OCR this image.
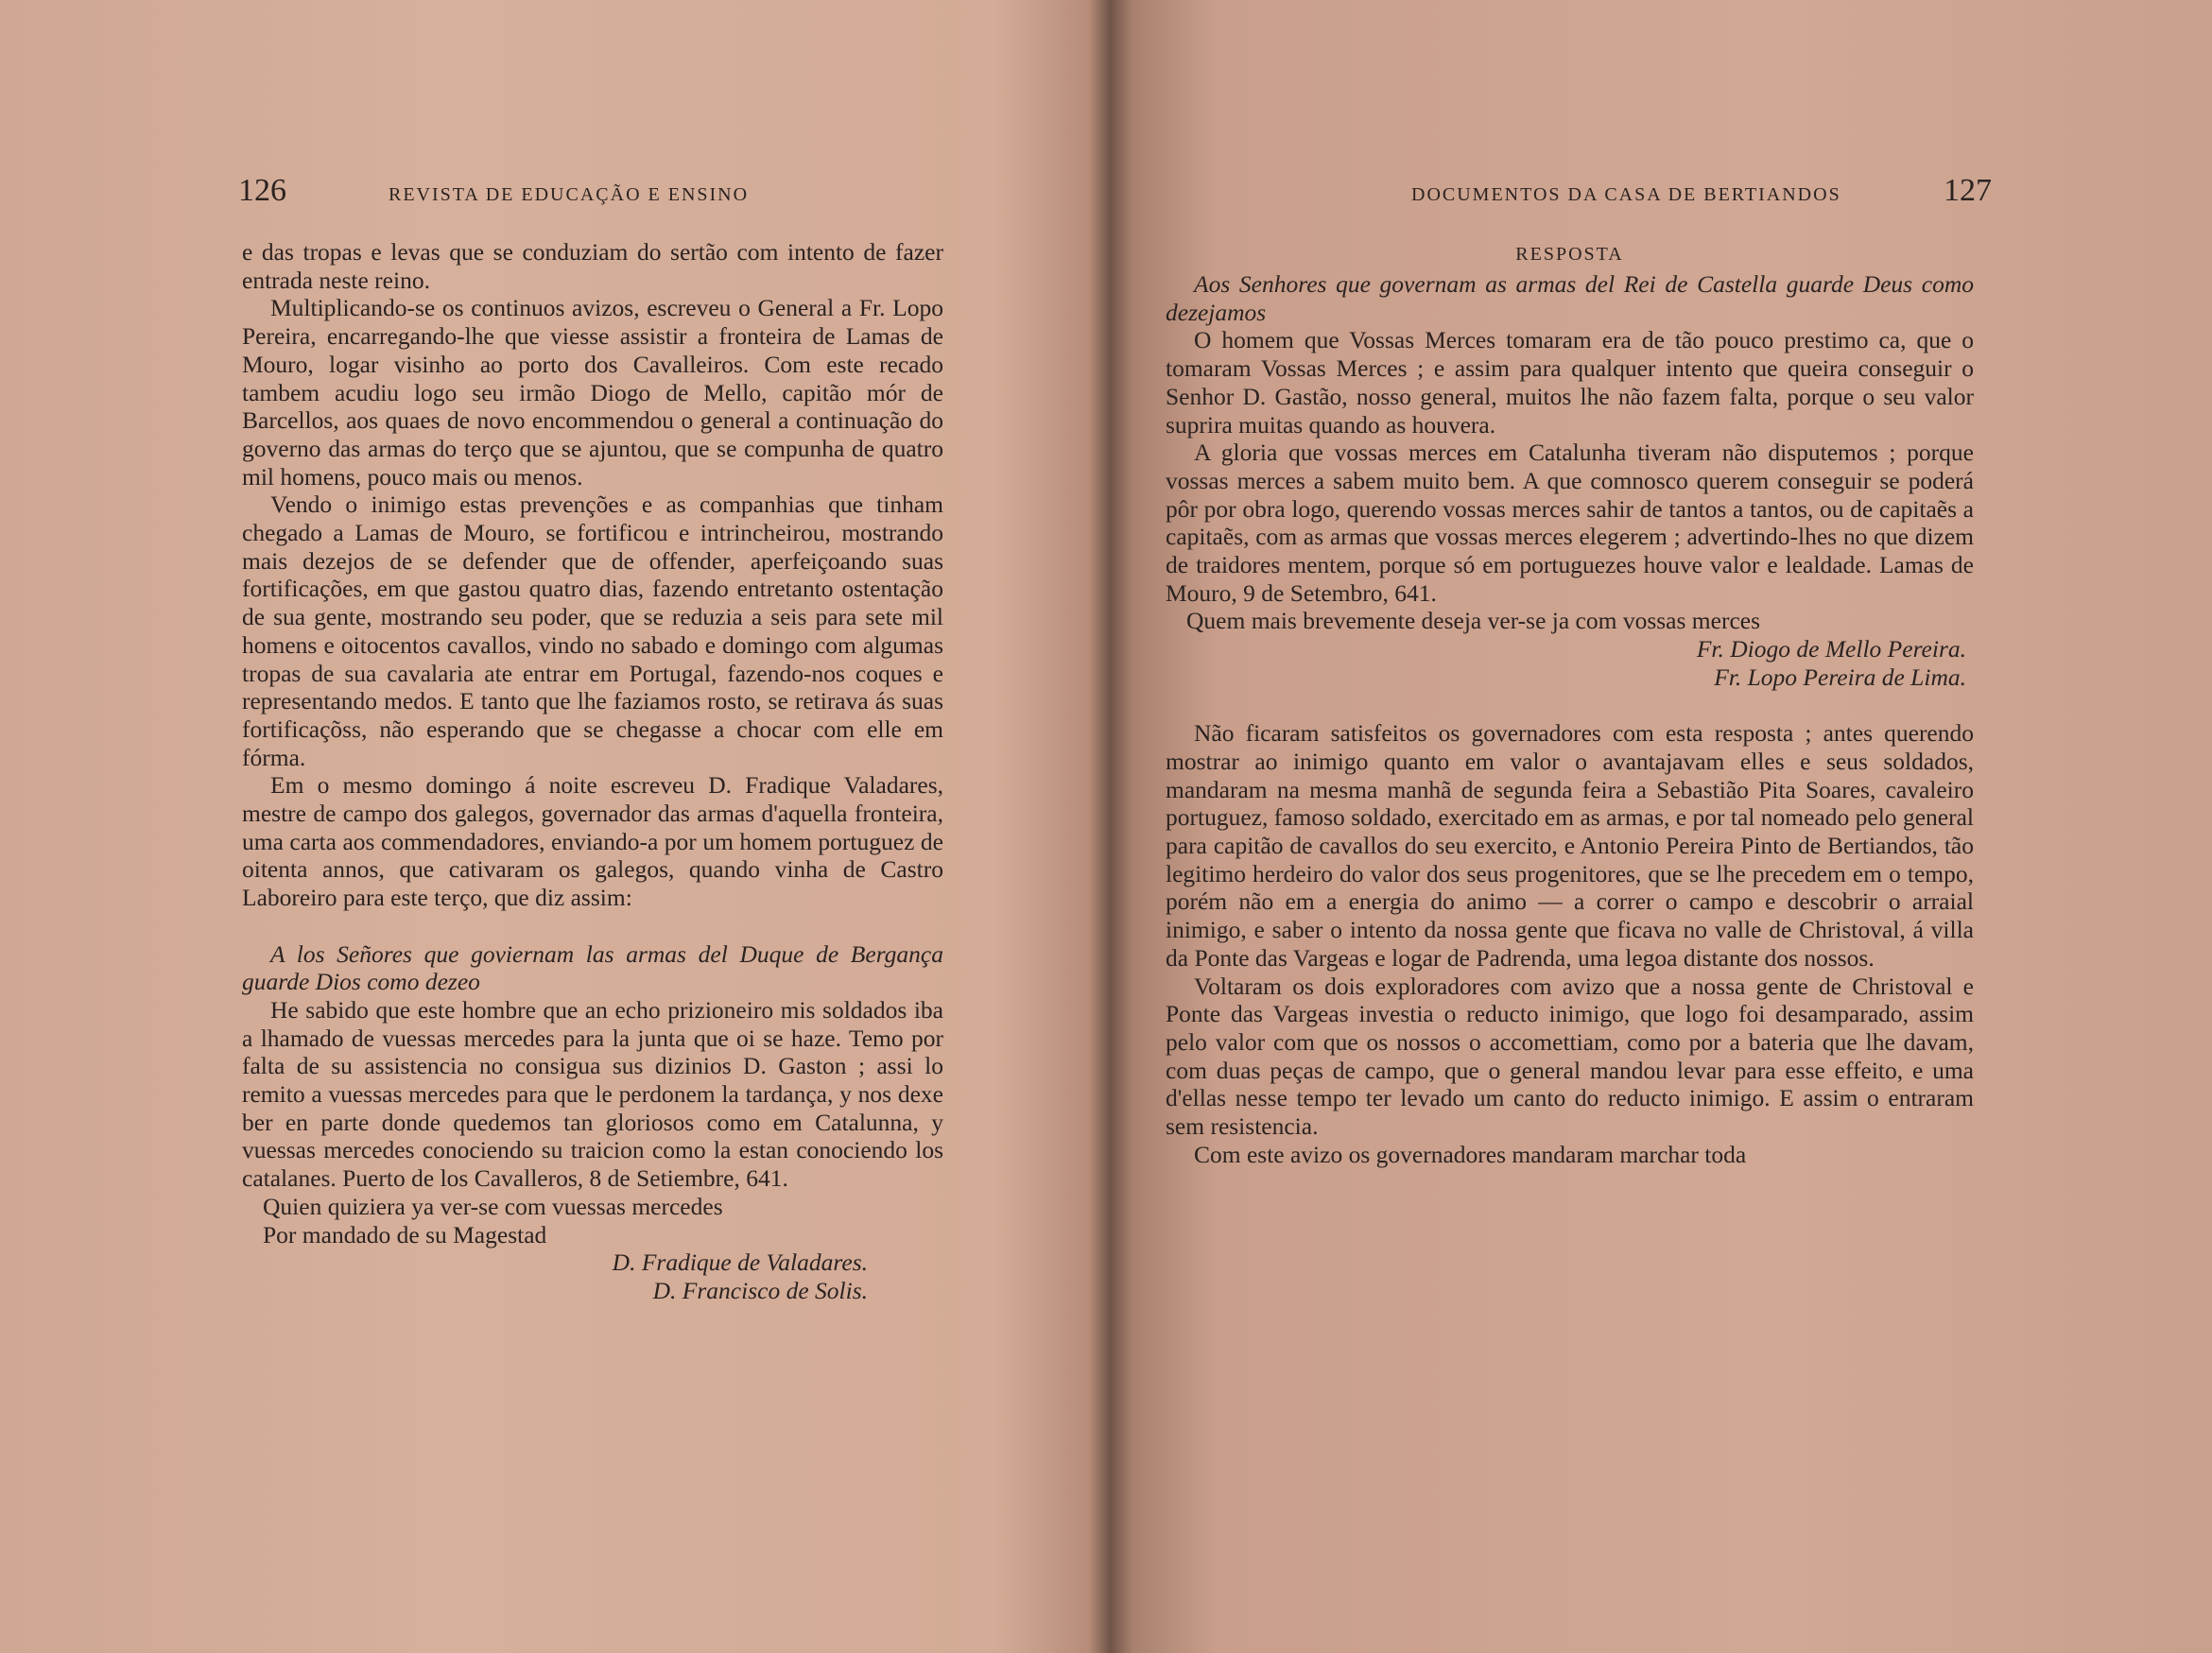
126	REVISTA DE EDUCAÇÃO E ENSINO

e das tropas e levas que se conduziam do sertão com intento de fazer entrada neste reino.

Multiplicando-se os continuos avizos, escreveu o General a Fr. Lopo Pereira, encarregando-lhe que viesse assistir a fronteira de Lamas de Mouro, logar visinho ao porto dos Cavalleiros. Com este recado tambem acudiu logo seu irmão Diogo de Mello, capitão mór de Barcellos, aos quaes de novo encommendou o general a continuação do governo das armas do terço que se ajuntou, que se compunha de quatro mil homens, pouco mais ou menos.

Vendo o inimigo estas prevenções e as companhias que tinham chegado a Lamas de Mouro, se fortificou e intrincheirou, mostrando mais dezejos de se defender que de offender, aperfeiçoando suas fortificações, em que gastou quatro dias, fazendo entretanto ostentação de sua gente, mostrando seu poder, que se reduzia a seis para sete mil homens e oitocentos cavallos, vindo no sabado e domingo com algumas tropas de sua cavalaria ate entrar em Portugal, fazendo-nos coques e representando medos. E tanto que lhe faziamos rosto, se retirava ás suas fortificaçõss, não esperando que se chegasse a chocar com elle em fórma.

Em o mesmo domingo á noite escreveu D. Fradique Valadares, mestre de campo dos galegos, governador das armas d'aquella fronteira, uma carta aos commendadores, enviando-a por um homem portuguez de oitenta annos, que cativaram os galegos, quando vinha de Castro Laboreiro para este terço, que diz assim:

A los Señores que goviernam las armas del Duque de Bergança guarde Dios como dezeo

He sabido que este hombre que an echo prizioneiro mis soldados iba a lhamado de vuessas mercedes para la junta que oi se haze. Temo por falta de su assistencia no consigua sus dizinios D. Gaston ; assi lo remito a vuessas mercedes para que le perdonem la tardança, y nos dexe ber en parte donde quedemos tan gloriosos como em Catalunna, y vuessas mercedes conociendo su traicion como la estan conociendo los catalanes. Puerto de los Cavalleros, 8 de Setiembre, 641.

Quien quiziera ya ver-se com vuessas mercedes

Por mandado de su Magestad

D. Fradique de Valadares.

D. Francisco de Solis.

DOCUMENTOS DA CASA DE BERTIANDOS	127

RESPOSTA

Aos Senhores que governam as armas del Rei de Castella guarde Deus como dezejamos

O homem que Vossas Merces tomaram era de tão pouco prestimo ca, que o tomaram Vossas Merces ; e assim para qualquer intento que queira conseguir o Senhor D. Gastão, nosso general, muitos lhe não fazem falta, porque o seu valor suprira muitas quando as houvera.

A gloria que vossas merces em Catalunha tiveram não disputemos ; porque vossas merces a sabem muito bem. A que comnosco querem conseguir se poderá pôr por obra logo, querendo vossas merces sahir de tantos a tantos, ou de capitaẽs a capitaẽs, com as armas que vossas merces elegerem ; advertindo-lhes no que dizem de traidores mentem, porque só em portuguezes houve valor e lealdade. Lamas de Mouro, 9 de Setembro, 641.

Quem mais brevemente deseja ver-se ja com vossas merces

Fr. Diogo de Mello Pereira.

Fr. Lopo Pereira de Lima.

Não ficaram satisfeitos os governadores com esta resposta ; antes querendo mostrar ao inimigo quanto em valor o avantajavam elles e seus soldados, mandaram na mesma manhã de segunda feira a Sebastião Pita Soares, cavaleiro portuguez, famoso soldado, exercitado em as armas, e por tal nomeado pelo general para capitão de cavallos do seu exercito, e Antonio Pereira Pinto de Bertiandos, tão legitimo herdeiro do valor dos seus progenitores, que se lhe precedem em o tempo, porém não em a energia do animo — a correr o campo e descobrir o arraial inimigo, e saber o intento da nossa gente que ficava no valle de Christoval, á villa da Ponte das Vargeas e logar de Padrenda, uma legoa distante dos nossos.

Voltaram os dois exploradores com avizo que a nossa gente de Christoval e Ponte das Vargeas investia o reducto inimigo, que logo foi desamparado, assim pelo valor com que os nossos o accomettiam, como por a bateria que lhe davam, com duas peças de campo, que o general mandou levar para esse effeito, e uma d'ellas nesse tempo ter levado um canto do reducto inimigo. E assim o entraram sem resistencia.

Com este avizo os governadores mandaram marchar toda
